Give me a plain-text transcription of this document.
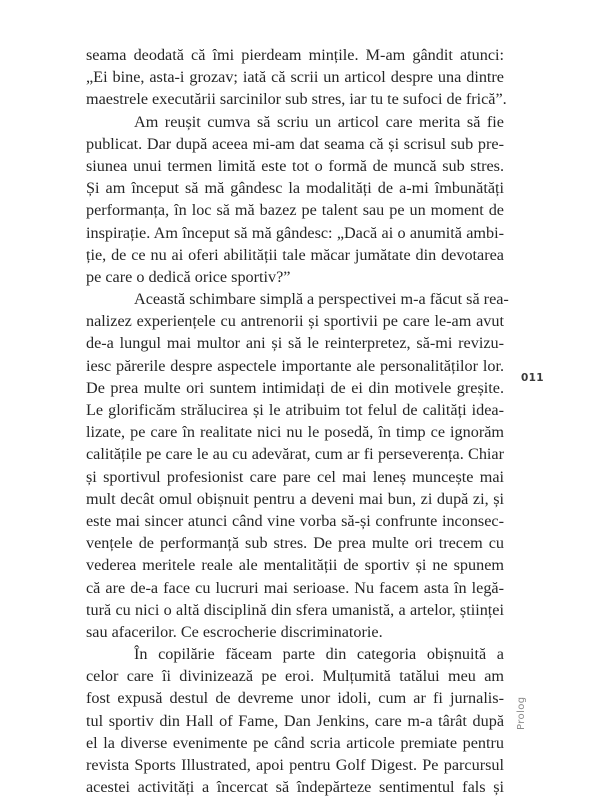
seama deodată că îmi pierdeam mințile. M-am gândit atunci:
„Ei bine, asta-i grozav; iată că scrii un articol despre una dintre
maestrele executării sarcinilor sub stres, iar tu te sufoci de frică”.
Am reușit cumva să scriu un articol care merita să fie
publicat. Dar după aceea mi-am dat seama că și scrisul sub pre-
siunea unui termen limită este tot o formă de muncă sub stres.
Și am început să mă gândesc la modalități de a-mi îmbunătăți
performanța, în loc să mă bazez pe talent sau pe un moment de
inspirație. Am început să mă gândesc: „Dacă ai o anumită ambi-
ție, de ce nu ai oferi abilității tale măcar jumătate din devotarea
pe care o dedică orice sportiv?”
Această schimbare simplă a perspectivei m-a făcut să rea-
nalizez experiențele cu antrenorii și sportivii pe care le-am avut
de-a lungul mai multor ani și să le reinterpretez, să-mi revizu-
iesc părerile despre aspectele importante ale personalităților lor.
De prea multe ori suntem intimidați de ei din motivele greșite.
Le glorificăm strălucirea și le atribuim tot felul de calități idea-
lizate, pe care în realitate nici nu le posedă, în timp ce ignorăm
calitățile pe care le au cu adevărat, cum ar fi perseverența. Chiar
și sportivul profesionist care pare cel mai leneș muncește mai
mult decât omul obișnuit pentru a deveni mai bun, zi după zi, și
este mai sincer atunci când vine vorba să-și confrunte inconsec-
vențele de performanță sub stres. De prea multe ori trecem cu
vederea meritele reale ale mentalității de sportiv și ne spunem
că are de-a face cu lucruri mai serioase. Nu facem asta în legă-
tură cu nici o altă disciplină din sfera umanistă, a artelor, științei
sau afacerilor. Ce escrocherie discriminatorie.
În copilărie făceam parte din categoria obișnuită a
celor care îi divinizează pe eroi. Mulțumită tatălui meu am
fost expusă destul de devreme unor idoli, cum ar fi jurnalis-
tul sportiv din Hall of Fame, Dan Jenkins, care m-a târât după
el la diverse evenimente pe când scria articole premiate pentru
revista Sports Illustrated, apoi pentru Golf Digest. Pe parcursul
acestei activități a încercat să îndepărteze sentimentul fals și
011
Prolog
